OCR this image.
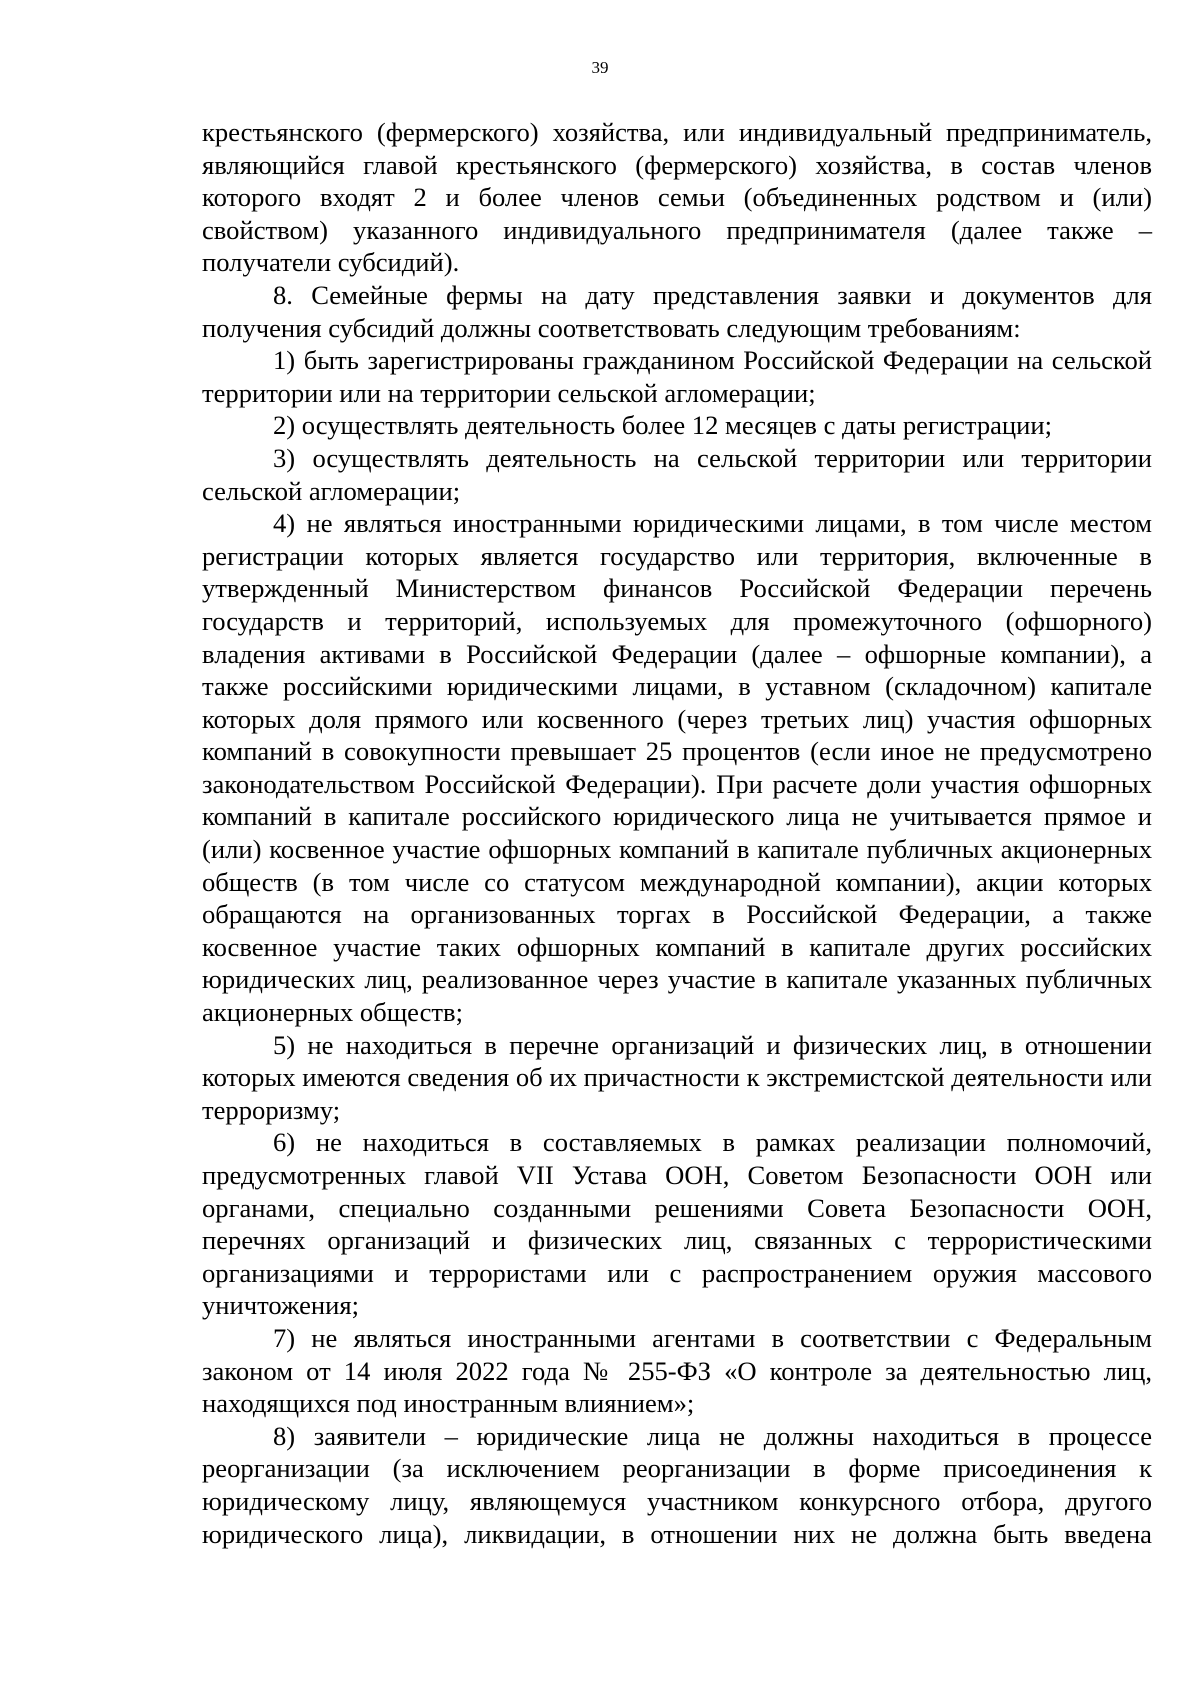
39

крестьянского (фермерского) хозяйства, или индивидуальный предприниматель, являющийся главой крестьянского (фермерского) хозяйства, в состав членов которого входят 2 и более членов семьи (объединенных родством и (или) свойством) указанного индивидуального предпринимателя (далее также – получатели субсидий).

8. Семейные фермы на дату представления заявки и документов для получения субсидий должны соответствовать следующим требованиям:

1) быть зарегистрированы гражданином Российской Федерации на сельской территории или на территории сельской агломерации;

2) осуществлять деятельность более 12 месяцев с даты регистрации;

3) осуществлять деятельность на сельской территории или территории сельской агломерации;

4) не являться иностранными юридическими лицами, в том числе местом регистрации которых является государство или территория, включенные в утвержденный Министерством финансов Российской Федерации перечень государств и территорий, используемых для промежуточного (офшорного) владения активами в Российской Федерации (далее – офшорные компании), а также российскими юридическими лицами, в уставном (складочном) капитале которых доля прямого или косвенного (через третьих лиц) участия офшорных компаний в совокупности превышает 25 процентов (если иное не предусмотрено законодательством Российской Федерации). При расчете доли участия офшорных компаний в капитале российского юридического лица не учитывается прямое и (или) косвенное участие офшорных компаний в капитале публичных акционерных обществ (в том числе со статусом международной компании), акции которых обращаются на организованных торгах в Российской Федерации, а также косвенное участие таких офшорных компаний в капитале других российских юридических лиц, реализованное через участие в капитале указанных публичных акционерных обществ;

5) не находиться в перечне организаций и физических лиц, в отношении которых имеются сведения об их причастности к экстремистской деятельности или терроризму;

6) не находиться в составляемых в рамках реализации полномочий, предусмотренных главой VII Устава ООН, Советом Безопасности ООН или органами, специально созданными решениями Совета Безопасности ООН, перечнях организаций и физических лиц, связанных с террористическими организациями и террористами или с распространением оружия массового уничтожения;

7) не являться иностранными агентами в соответствии с Федеральным законом от 14 июля 2022 года № 255-ФЗ «О контроле за деятельностью лиц, находящихся под иностранным влиянием»;

8) заявители – юридические лица не должны находиться в процессе реорганизации (за исключением реорганизации в форме присоединения к юридическому лицу, являющемуся участником конкурсного отбора, другого юридического лица), ликвидации, в отношении них не должна быть введена
